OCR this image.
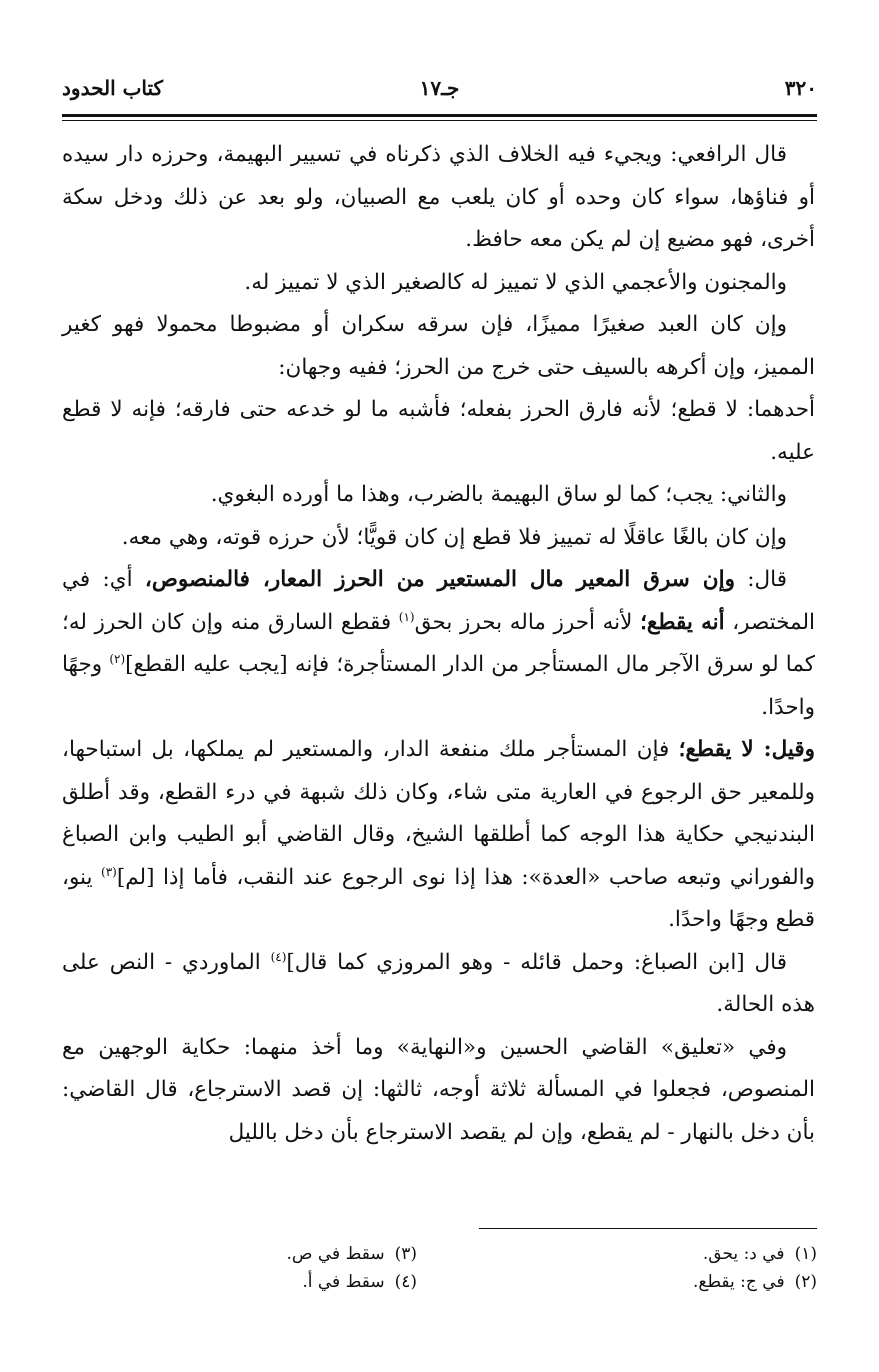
٣٢٠
جـ١٧
كتاب الحدود

قال الرافعي: ويجيء فيه الخلاف الذي ذكرناه في تسيير البهيمة، وحرزه دار سيده أو فناؤها، سواء كان وحده أو كان يلعب مع الصبيان، ولو بعد عن ذلك ودخل سكة أخرى، فهو مضيع إن لم يكن معه حافظ.

والمجنون والأعجمي الذي لا تمييز له كالصغير الذي لا تمييز له.

وإن كان العبد صغيرًا مميزًا، فإن سرقه سكران أو مضبوطا محمولا فهو كغير المميز، وإن أكرهه بالسيف حتى خرج من الحرز؛ ففيه وجهان:

أحدهما: لا قطع؛ لأنه فارق الحرز بفعله؛ فأشبه ما لو خدعه حتى فارقه؛ فإنه لا قطع عليه.

والثاني: يجب؛ كما لو ساق البهيمة بالضرب، وهذا ما أورده البغوي.

وإن كان بالغًا عاقلًا له تمييز فلا قطع إن كان قويًّا؛ لأن حرزه قوته، وهي معه.

قال: وإن سرق المعير مال المستعير من الحرز المعار، فالمنصوص، أي: في المختصر، أنه يقطع؛ لأنه أحرز ماله بحرز بحق$^{(١)}$ فقطع السارق منه وإن كان الحرز له؛ كما لو سرق الآجر مال المستأجر من الدار المستأجرة؛ فإنه [يجب عليه القطع]$^{(٢)}$ وجهًا واحدًا.

وقيل: لا يقطع؛ فإن المستأجر ملك منفعة الدار، والمستعير لم يملكها، بل استباحها، وللمعير حق الرجوع في العارية متى شاء، وكان ذلك شبهة في درء القطع، وقد أطلق البندنيجي حكاية هذا الوجه كما أطلقها الشيخ، وقال القاضي أبو الطيب وابن الصباغ والفوراني وتبعه صاحب «العدة»: هذا إذا نوى الرجوع عند النقب، فأما إذا [لم]$^{(٣)}$ ينو، قطع وجهًا واحدًا.

قال [ابن الصباغ: وحمل قائله - وهو المروزي كما قال]$^{(٤)}$ الماوردي - النص على هذه الحالة.

وفي «تعليق» القاضي الحسين و«النهاية» وما أخذ منهما: حكاية الوجهين مع المنصوص، فجعلوا في المسألة ثلاثة أوجه، ثالثها: إن قصد الاسترجاع، قال القاضي: بأن دخل بالنهار - لم يقطع، وإن لم يقصد الاسترجاع بأن دخل بالليل

(١)في د: يحق.
(٢)في ج: يقطع.
(٣)سقط في ص.
(٤)سقط في أ.
